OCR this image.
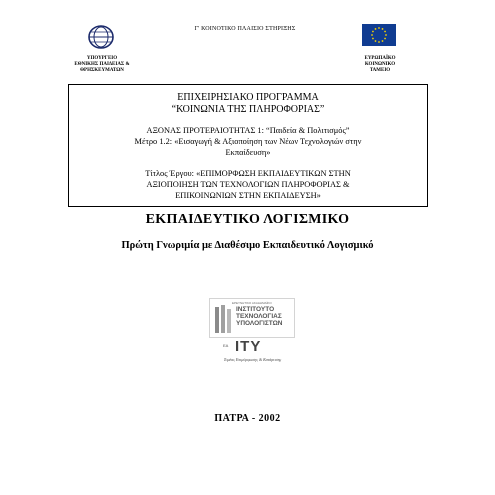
ΥΠΟΥΡΓΕΙΟ
ΕΘΝΙΚΗΣ ΠΑΙΔΕΙΑΣ &
ΘΡΗΣΚΕΥΜΑΤΩΝ
Γ' ΚΟΙΝΟΤΙΚΟ ΠΛΑΙΣΙΟ ΣΤΗΡΙΞΗΣ
ΕΥΡΩΠΑΪΚΟ
ΚΟΙΝΩΝΙΚΟ
ΤΑΜΕΙΟ
ΕΠΙΧΕΙΡΗΣΙΑΚΟ ΠΡΟΓΡΑΜΜΑ
“ΚΟΙΝΩΝΙΑ ΤΗΣ ΠΛΗΡΟΦΟΡΙΑΣ”
ΑΞΟΝΑΣ ΠΡΟΤΕΡΑΙΟΤΗΤΑΣ 1: “Παιδεία & Πολιτισμός”
Μέτρο 1.2: «Εισαγωγή & Αξιοποίηση των Νέων Τεχνολογιών στην
Εκπαίδευση»
Τίτλος Έργου: «ΕΠΙΜΟΡΦΩΣΗ ΕΚΠΑΙΔΕΥΤΙΚΩΝ ΣΤΗΝ
ΑΞΙΟΠΟΙΗΣΗ ΤΩΝ ΤΕΧΝΟΛΟΓΙΩΝ ΠΛΗΡΟΦΟΡΙΑΣ &
ΕΠΙΚΟΙΝΩΝΙΩΝ ΣΤΗΝ ΕΚΠΑΙΔΕΥΣΗ»
ΕΚΠΑΙΔΕΥΤΙΚΟ ΛΟΓΙΣΜΙΚΟ
Πρώτη Γνωριμία με Διαθέσιμο Εκπαιδευτικό Λογισμικό
ΕΡΕΥΝΗΤΙΚΟ ΑΚΑΔΗΜΑΪΚΟ
ΙΝΣΤΙΤΟΥΤΟ
ΤΕΧΝΟΛΟΓΙΑΣ
ΥΠΟΛΟΓΙΣΤΩΝ
ΕΑ ΙΤΥ
Τομέας Επιμόρφωσης & Κατάρτισης
ΠΑΤΡΑ - 2002
